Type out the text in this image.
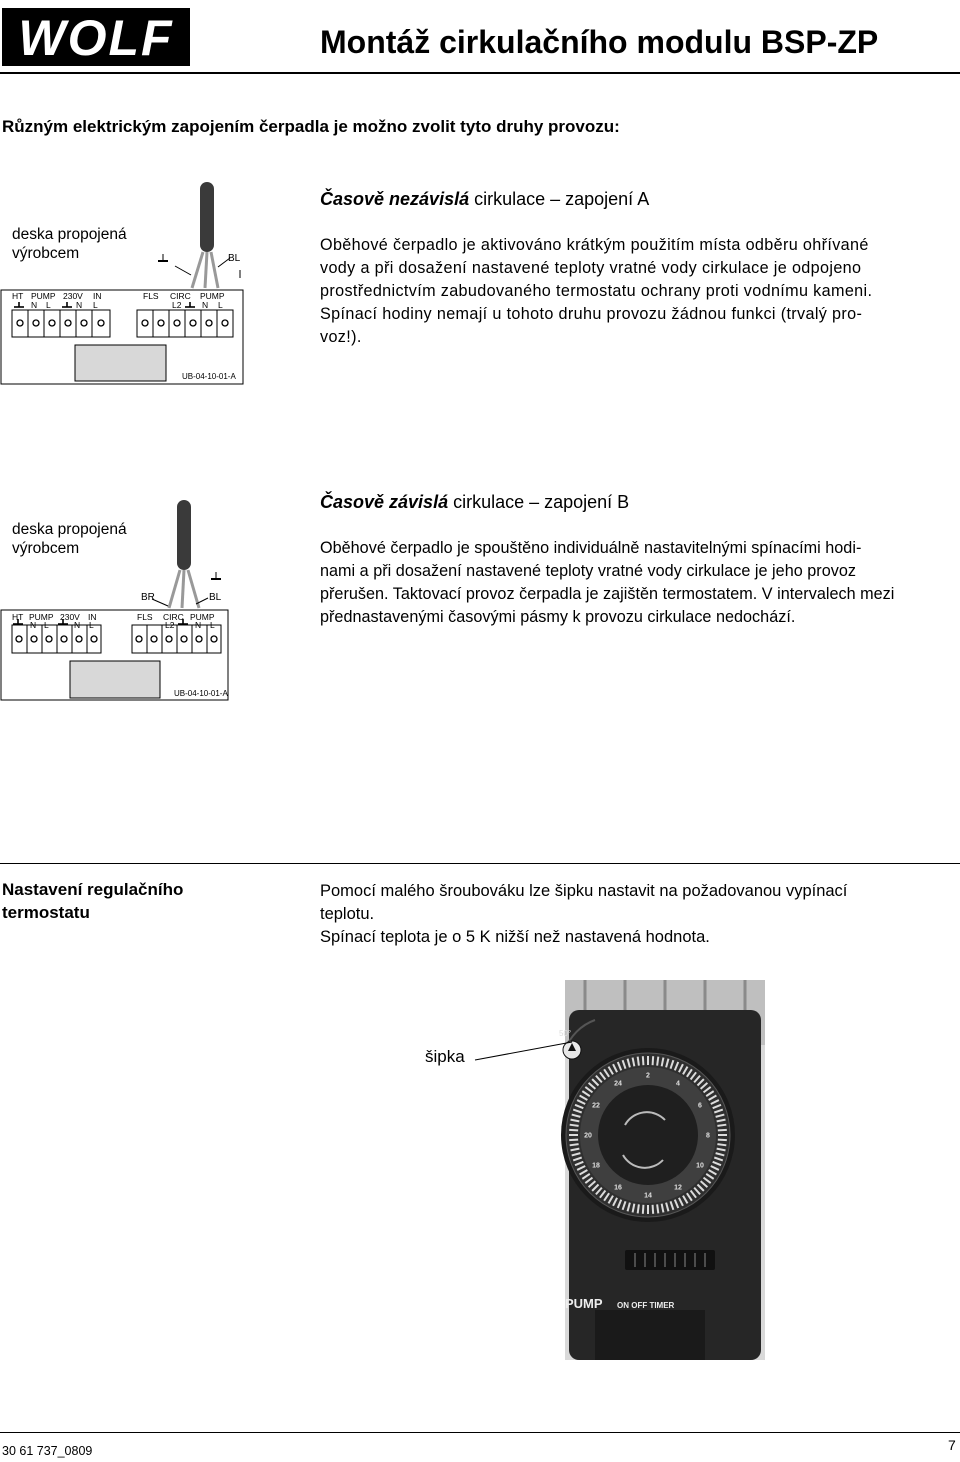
WOLF	Montáž cirkulačního modulu BSP-ZP
Různým elektrickým zapojením čerpadla je možno zvolit tyto druhy provozu:
deska propojená
výrobcem
HT PUMP 230V IN
N L	N L
FLS CIRC PUMP
L2 N L
BL
UB-04-10-01-A
Časově nezávislá cirkulace – zapojení A
Oběhové čerpadlo je aktivováno krátkým použitím místa odběru ohřívané
vody a při dosažení nastavené teploty vratné vody cirkulace je odpojeno
prostřednictvím zabudovaného termostatu ochrany proti vodnímu kameni.
Spínací hodiny nemají u tohoto druhu provozu žádnou funkci (trvalý pro-
voz!).
deska propojená
výrobcem
HT PUMP 230V IN
N L	N L
FLS CIRC PUMP
L2 N L
BR	BL
UB-04-10-01-A
Časově závislá cirkulace – zapojení B
Oběhové čerpadlo je spouštěno individuálně nastavitelnými spínacími hodi-
nami a při dosažení nastavené teploty vratné vody cirkulace je jeho provoz
přerušen. Taktovací provoz čerpadla je zajištěn termostatem. V intervalech mezi
přednastavenými časovými pásmy k provozu cirkulace nedochází.
Nastavení regulačního termostatu
Pomocí malého šroubováku lze šipku nastavit na požadovanou vypínací
teplotu.
Spínací teplota je o 5 K nižší než nastavená hodnota.
50°
2
4
6
8
10
12
14
16
18
20
22
24
PUMP ON OFF TIMER
šipka
30 61 737_0809	7
